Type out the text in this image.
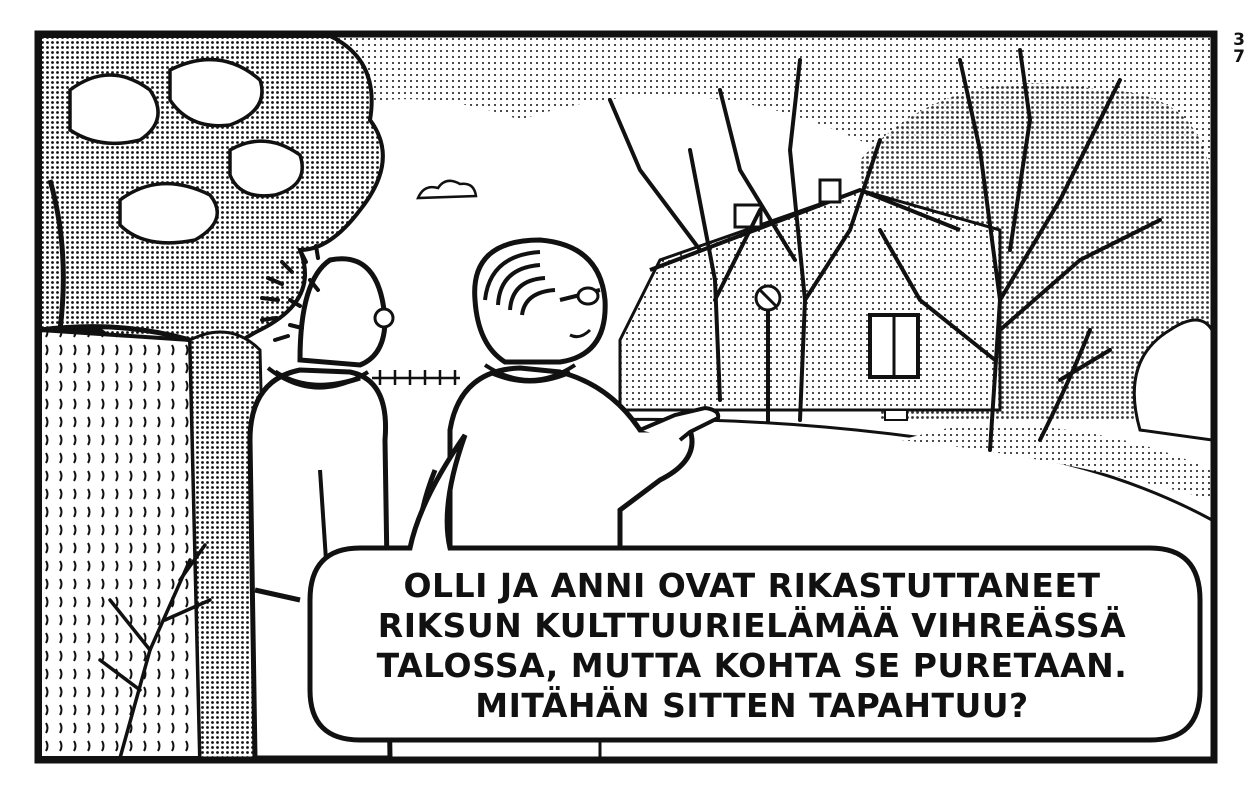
3
7
OLLI JA ANNI OVAT RIKASTUTTANEET
RIKSUN KULTTUURIELÄMÄÄ VIHREÄSSÄ
TALOSSA, MUTTA KOHTA SE PURETAAN.
MITÄHÄN SITTEN TAPAHTUU?
